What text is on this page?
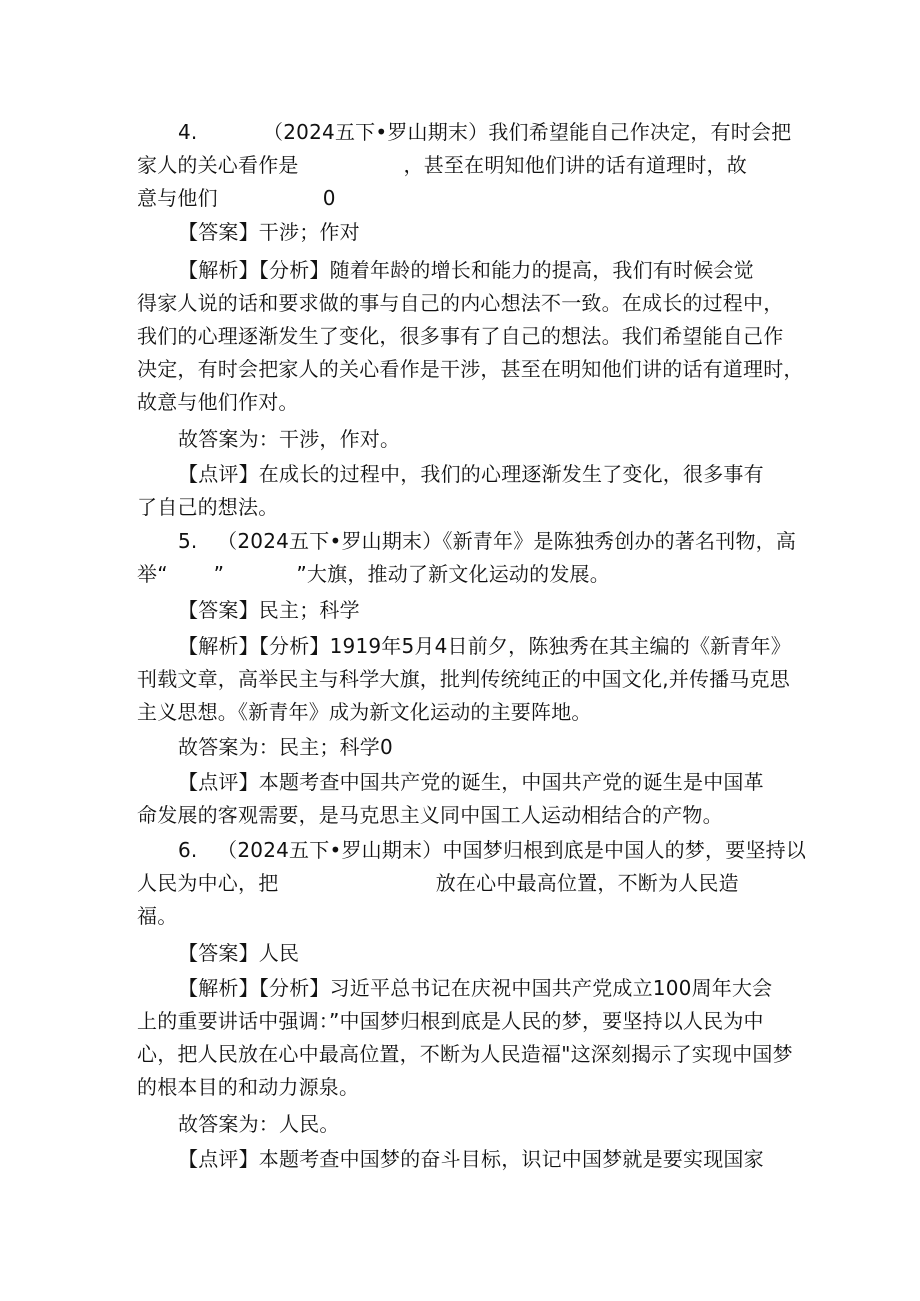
4.          （2024五下•罗山期末）我们希望能自己作决定，有时会把
家人的关心看作是                ，甚至在明知他们讲的话有道理时，故
意与他们                0
【答案】干涉；作对
【解析】【分析】随着年龄的增长和能力的提高，我们有时候会觉
得家人说的话和要求做的事与自己的内心想法不一致。在成长的过程中，
我们的心理逐渐发生了变化，很多事有了自己的想法。我们希望能自己作
决定，有时会把家人的关心看作是干涉，甚至在明知他们讲的话有道理时，
故意与他们作对。
故答案为：干涉，作对。
【点评】在成长的过程中，我们的心理逐渐发生了变化，很多事有
了自己的想法。
5.   （2024五下•罗山期末）《新青年》是陈独秀创办的著名刊物，高
举“       ”           ”大旗，推动了新文化运动的发展。
【答案】民主；科学
【解析】【分析】1919年5月4日前夕，陈独秀在其主编的《新青年》
刊载文章，高举民主与科学大旗，批判传统纯正的中国文化,并传播马克思
主义思想。《新青年》成为新文化运动的主要阵地。
故答案为：民主；科学0
【点评】本题考查中国共产党的诞生，中国共产党的诞生是中国革
命发展的客观需要，是马克思主义同中国工人运动相结合的产物。
6.   （2024五下•罗山期末）中国梦归根到底是中国人的梦，要坚持以
人民为中心，把                        放在心中最高位置，不断为人民造
福。
【答案】人民
【解析】【分析】习近平总书记在庆祝中国共产党成立100周年大会
上的重要讲话中强调：”中国梦归根到底是人民的梦，要坚持以人民为中
心，把人民放在心中最高位置，不断为人民造福"这深刻揭示了实现中国梦
的根本目的和动力源泉。
故答案为：人民。
【点评】本题考查中国梦的奋斗目标，识记中国梦就是要实现国家
